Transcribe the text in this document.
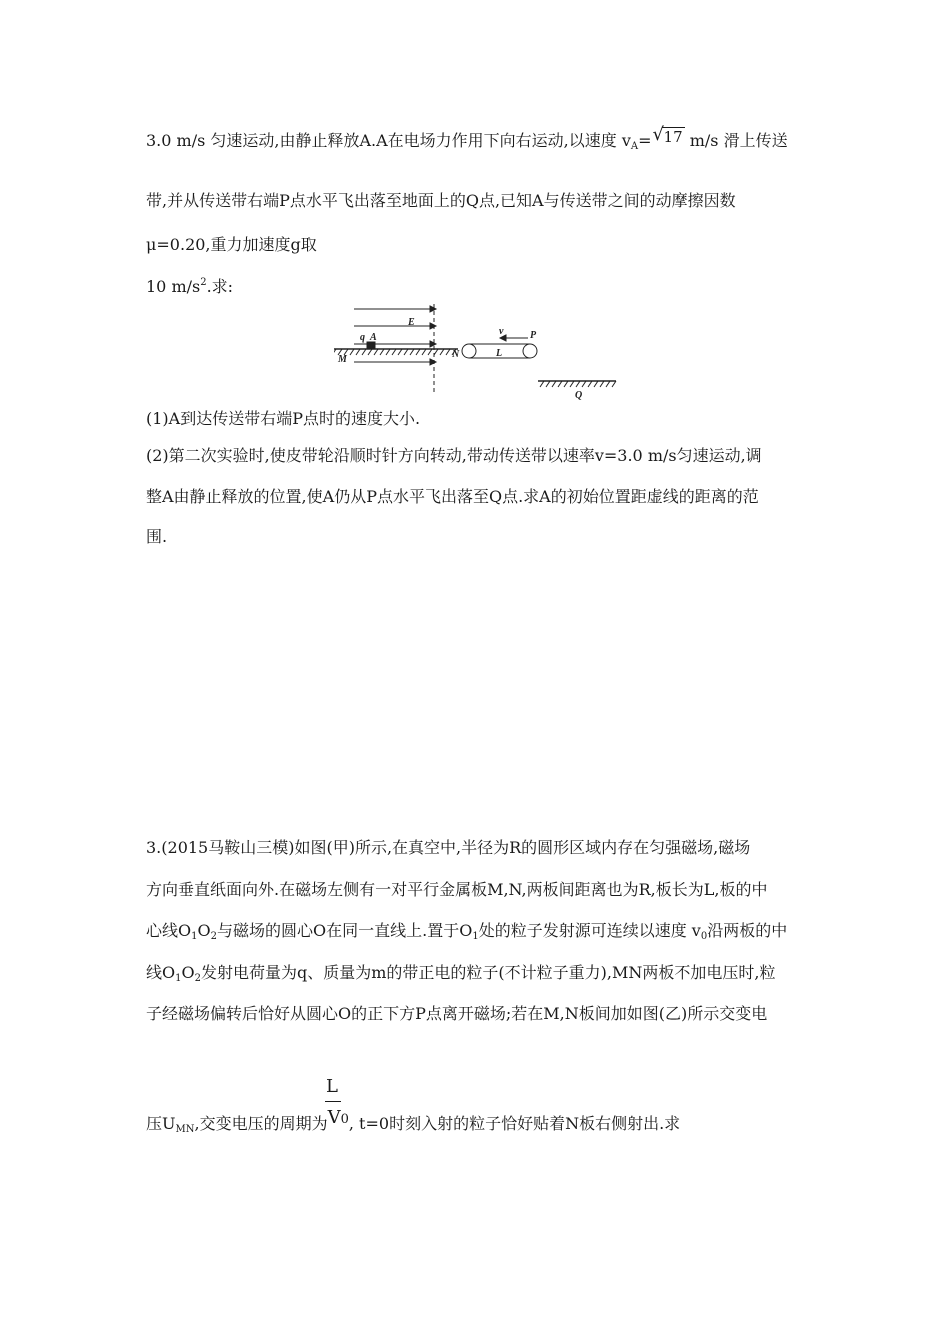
3.0 m/s 匀速运动,由静止释放A.A在电场力作用下向右运动,以速度 $v_A=$ √ 17 m/s 滑上传送
带,并从传送带右端P点水平飞出落至地面上的Q点,已知A与传送带之间的动摩擦因数
μ=0.20,重力加速度g取
10 $m/s^2$.求:
E
q A
M	N
v	P
L
Q
(1)A到达传送带右端P点时的速度大小.
(2)第二次实验时,使皮带轮沿顺时针方向转动,带动传送带以速率v=3.0 m/s匀速运动,调
整A由静止释放的位置,使A仍从P点水平飞出落至Q点.求A的初始位置距虚线的距离的范
围.
3.(2015马鞍山三模)如图(甲)所示,在真空中,半径为R的圆形区域内存在匀强磁场,磁场
方向垂直纸面向外.在磁场左侧有一对平行金属板M,N,两板间距离也为R,板长为L,板的中
心线$O_1O_2$与磁场的圆心O在同一直线上.置于$O_1$处的粒子发射源可连续以速度 $v_0$沿两板的中
线$O_1O_2$发射电荷量为q、质量为m的带正电的粒子(不计粒子重力),MN两板不加电压时,粒
子经磁场偏转后恰好从圆心O的正下方P点离开磁场;若在M,N板间加如图(乙)所示交变电
L
压$U_{MN}$,交变电压的周期为V0, t=0时刻入射的粒子恰好贴着N板右侧射出.求
